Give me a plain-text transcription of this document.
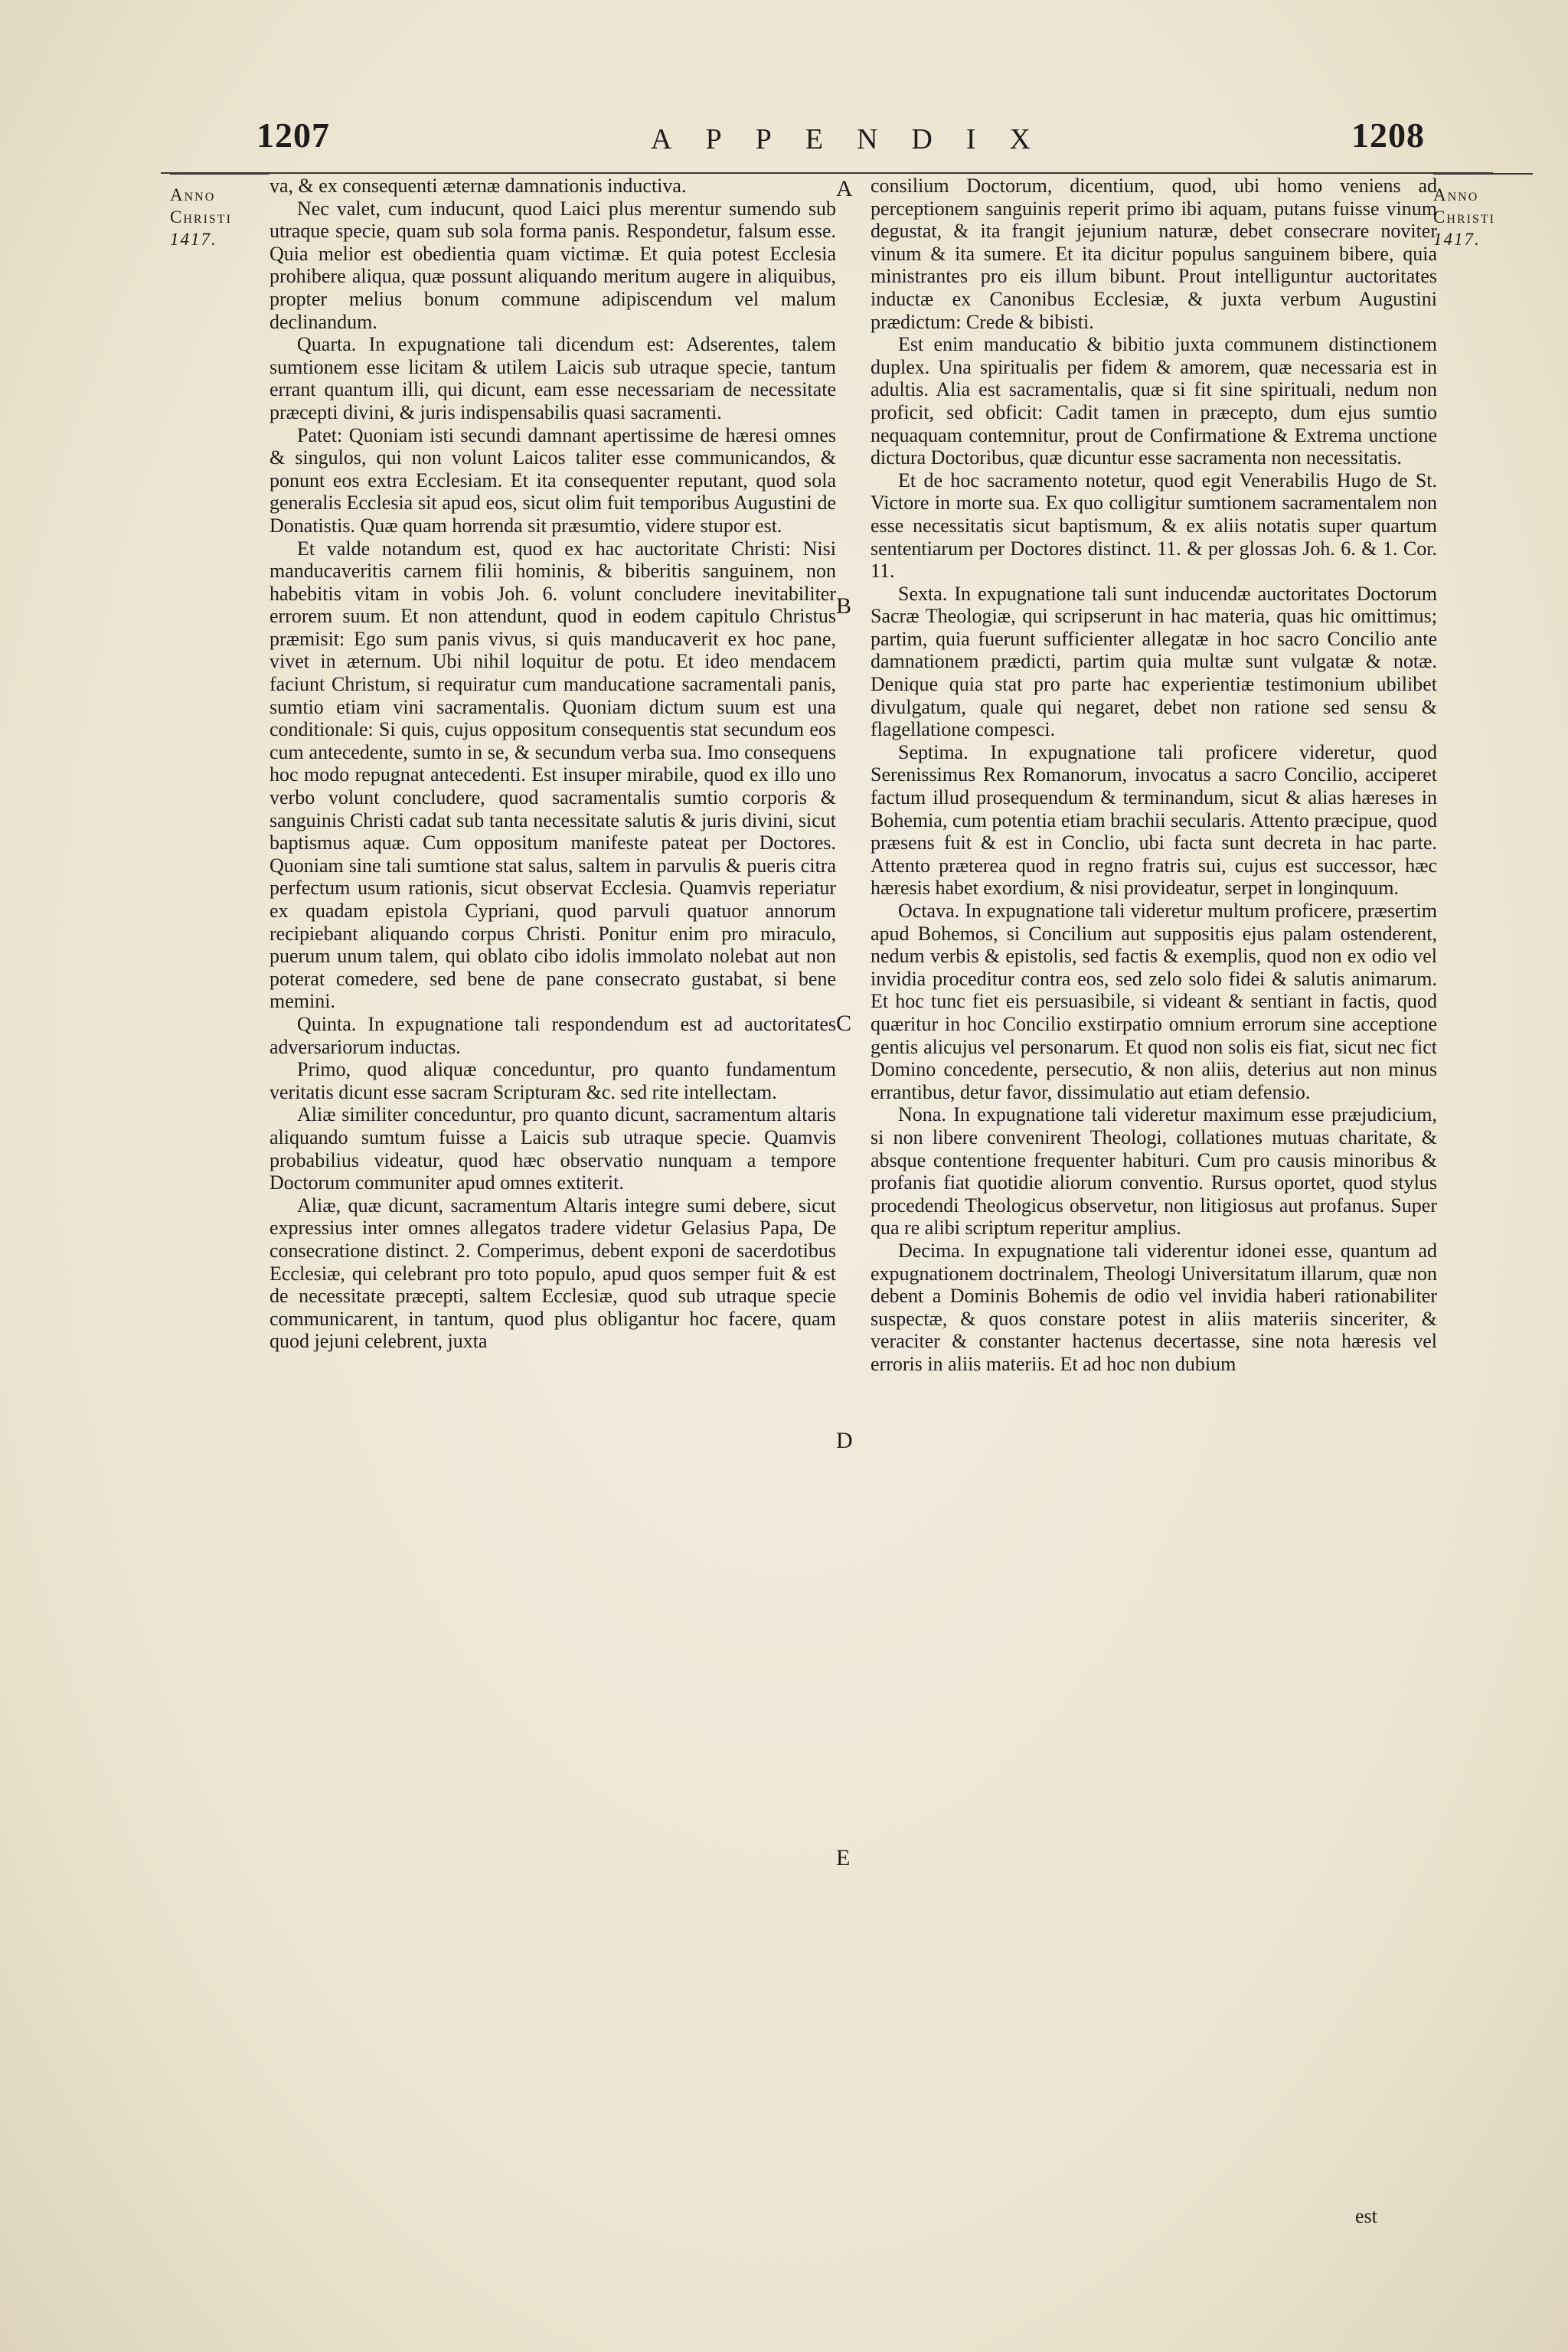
1207	APPENDIX	1208
Anno
Christi
1417.
Anno
Christi
1417.

va, & ex consequenti æternæ damnationis inductiva.

Nec valet, cum inducunt, quod Laici plus merentur sumendo sub utraque specie, quam sub sola forma panis. Respondetur, falsum esse. Quia melior est obedientia quam victimæ. Et quia potest Ecclesia prohibere aliqua, quæ possunt aliquando meritum augere in aliquibus, propter melius bonum commune adipiscendum vel malum declinandum.

Quarta. In expugnatione tali dicendum est: Adserentes, talem sumtionem esse licitam & utilem Laicis sub utraque specie, tantum errant quantum illi, qui dicunt, eam esse necessariam de necessitate præcepti divini, & juris indispensabilis quasi sacramenti.

Patet: Quoniam isti secundi damnant apertissime de hæresi omnes & singulos, qui non volunt Laicos taliter esse communicandos, & ponunt eos extra Ecclesiam. Et ita consequenter reputant, quod sola generalis Ecclesia sit apud eos, sicut olim fuit temporibus Augustini de Donatistis. Quæ quam horrenda sit præsumtio, videre stupor est.

Et valde notandum est, quod ex hac auctoritate Christi: Nisi manducaveritis carnem filii hominis, & biberitis sanguinem, non habebitis vitam in vobis Joh. 6. volunt concludere inevitabiliter errorem suum. Et non attendunt, quod in eodem capitulo Christus præmisit: Ego sum panis vivus, si quis manducaverit ex hoc pane, vivet in æternum. Ubi nihil loquitur de potu. Et ideo mendacem faciunt Christum, si requiratur cum manducatione sacramentali panis, sumtio etiam vini sacramentalis. Quoniam dictum suum est una conditionale: Si quis, cujus oppositum consequentis stat secundum eos cum antecedente, sumto in se, & secundum verba sua. Imo consequens hoc modo repugnat antecedenti. Est insuper mirabile, quod ex illo uno verbo volunt concludere, quod sacramentalis sumtio corporis & sanguinis Christi cadat sub tanta necessitate salutis & juris divini, sicut baptismus aquæ. Cum oppositum manifeste pateat per Doctores. Quoniam sine tali sumtione stat salus, saltem in parvulis & pueris citra perfectum usum rationis, sicut observat Ecclesia. Quamvis reperiatur ex quadam epistola Cypriani, quod parvuli quatuor annorum recipiebant aliquando corpus Christi. Ponitur enim pro miraculo, puerum unum talem, qui oblato cibo idolis immolato nolebat aut non poterat comedere, sed bene de pane consecrato gustabat, si bene memini.

Quinta. In expugnatione tali respondendum est ad auctoritates adversariorum inductas.

Primo, quod aliquæ conceduntur, pro quanto fundamentum veritatis dicunt esse sacram Scripturam &c. sed rite intellectam.

Aliæ similiter conceduntur, pro quanto dicunt, sacramentum altaris aliquando sumtum fuisse a Laicis sub utraque specie. Quamvis probabilius videatur, quod hæc observatio nunquam a tempore Doctorum communiter apud omnes extiterit.

Aliæ, quæ dicunt, sacramentum Altaris integre sumi debere, sicut expressius inter omnes allegatos tradere videtur Gelasius Papa, De consecratione distinct. 2. Comperimus, debent exponi de sacerdotibus Ecclesiæ, qui celebrant pro toto populo, apud quos semper fuit & est de necessitate præcepti, saltem Ecclesiæ, quod sub utraque specie communicarent, in tantum, quod plus obligantur hoc facere, quam quod jejuni celebrent, juxta

A
B
C
D
E

consilium Doctorum, dicentium, quod, ubi homo veniens ad perceptionem sanguinis reperit primo ibi aquam, putans fuisse vinum degustat, & ita frangit jejunium naturæ, debet consecrare noviter vinum & ita sumere. Et ita dicitur populus sanguinem bibere, quia ministrantes pro eis illum bibunt. Prout intelliguntur auctoritates inductæ ex Canonibus Ecclesiæ, & juxta verbum Augustini prædictum: Crede & bibisti.

Est enim manducatio & bibitio juxta communem distinctionem duplex. Una spiritualis per fidem & amorem, quæ necessaria est in adultis. Alia est sacramentalis, quæ si fit sine spirituali, nedum non proficit, sed obficit: Cadit tamen in præcepto, dum ejus sumtio nequaquam contemnitur, prout de Confirmatione & Extrema unctione dictura Doctoribus, quæ dicuntur esse sacramenta non necessitatis.

Et de hoc sacramento notetur, quod egit Venerabilis Hugo de St. Victore in morte sua. Ex quo colligitur sumtionem sacramentalem non esse necessitatis sicut baptismum, & ex aliis notatis super quartum sententiarum per Doctores distinct. 11. & per glossas Joh. 6. & 1. Cor. 11.

Sexta. In expugnatione tali sunt inducendæ auctoritates Doctorum Sacræ Theologiæ, qui scripserunt in hac materia, quas hic omittimus; partim, quia fuerunt sufficienter allegatæ in hoc sacro Concilio ante damnationem prædicti, partim quia multæ sunt vulgatæ & notæ. Denique quia stat pro parte hac experientiæ testimonium ubilibet divulgatum, quale qui negaret, debet non ratione sed sensu & flagellatione compesci.

Septima. In expugnatione tali proficere videretur, quod Serenissimus Rex Romanorum, invocatus a sacro Concilio, acciperet factum illud prosequendum & terminandum, sicut & alias hæreses in Bohemia, cum potentia etiam brachii secularis. Attento præcipue, quod præsens fuit & est in Conclio, ubi facta sunt decreta in hac parte. Attento præterea quod in regno fratris sui, cujus est successor, hæc hæresis habet exordium, & nisi provideatur, serpet in longinquum.

Octava. In expugnatione tali videretur multum proficere, præsertim apud Bohemos, si Concilium aut suppositis ejus palam ostenderent, nedum verbis & epistolis, sed factis & exemplis, quod non ex odio vel invidia proceditur contra eos, sed zelo solo fidei & salutis animarum. Et hoc tunc fiet eis persuasibile, si videant & sentiant in factis, quod quæritur in hoc Concilio exstirpatio omnium errorum sine acceptione gentis alicujus vel personarum. Et quod non solis eis fiat, sicut nec fict Domino concedente, persecutio, & non aliis, deterius aut non minus errantibus, detur favor, dissimulatio aut etiam defensio.

Nona. In expugnatione tali videretur maximum esse præjudicium, si non libere convenirent Theologi, collationes mutuas charitate, & absque contentione frequenter habituri. Cum pro causis minoribus & profanis fiat quotidie aliorum conventio. Rursus oportet, quod stylus procedendi Theologicus observetur, non litigiosus aut profanus. Super qua re alibi scriptum reperitur amplius.

Decima. In expugnatione tali viderentur idonei esse, quantum ad expugnationem doctrinalem, Theologi Universitatum illarum, quæ non debent a Dominis Bohemis de odio vel invidia haberi rationabiliter suspectæ, & quos constare potest in aliis materiis sinceriter, & veraciter & constanter hactenus decertasse, sine nota hæresis vel erroris in aliis materiis. Et ad hoc non dubium

est
